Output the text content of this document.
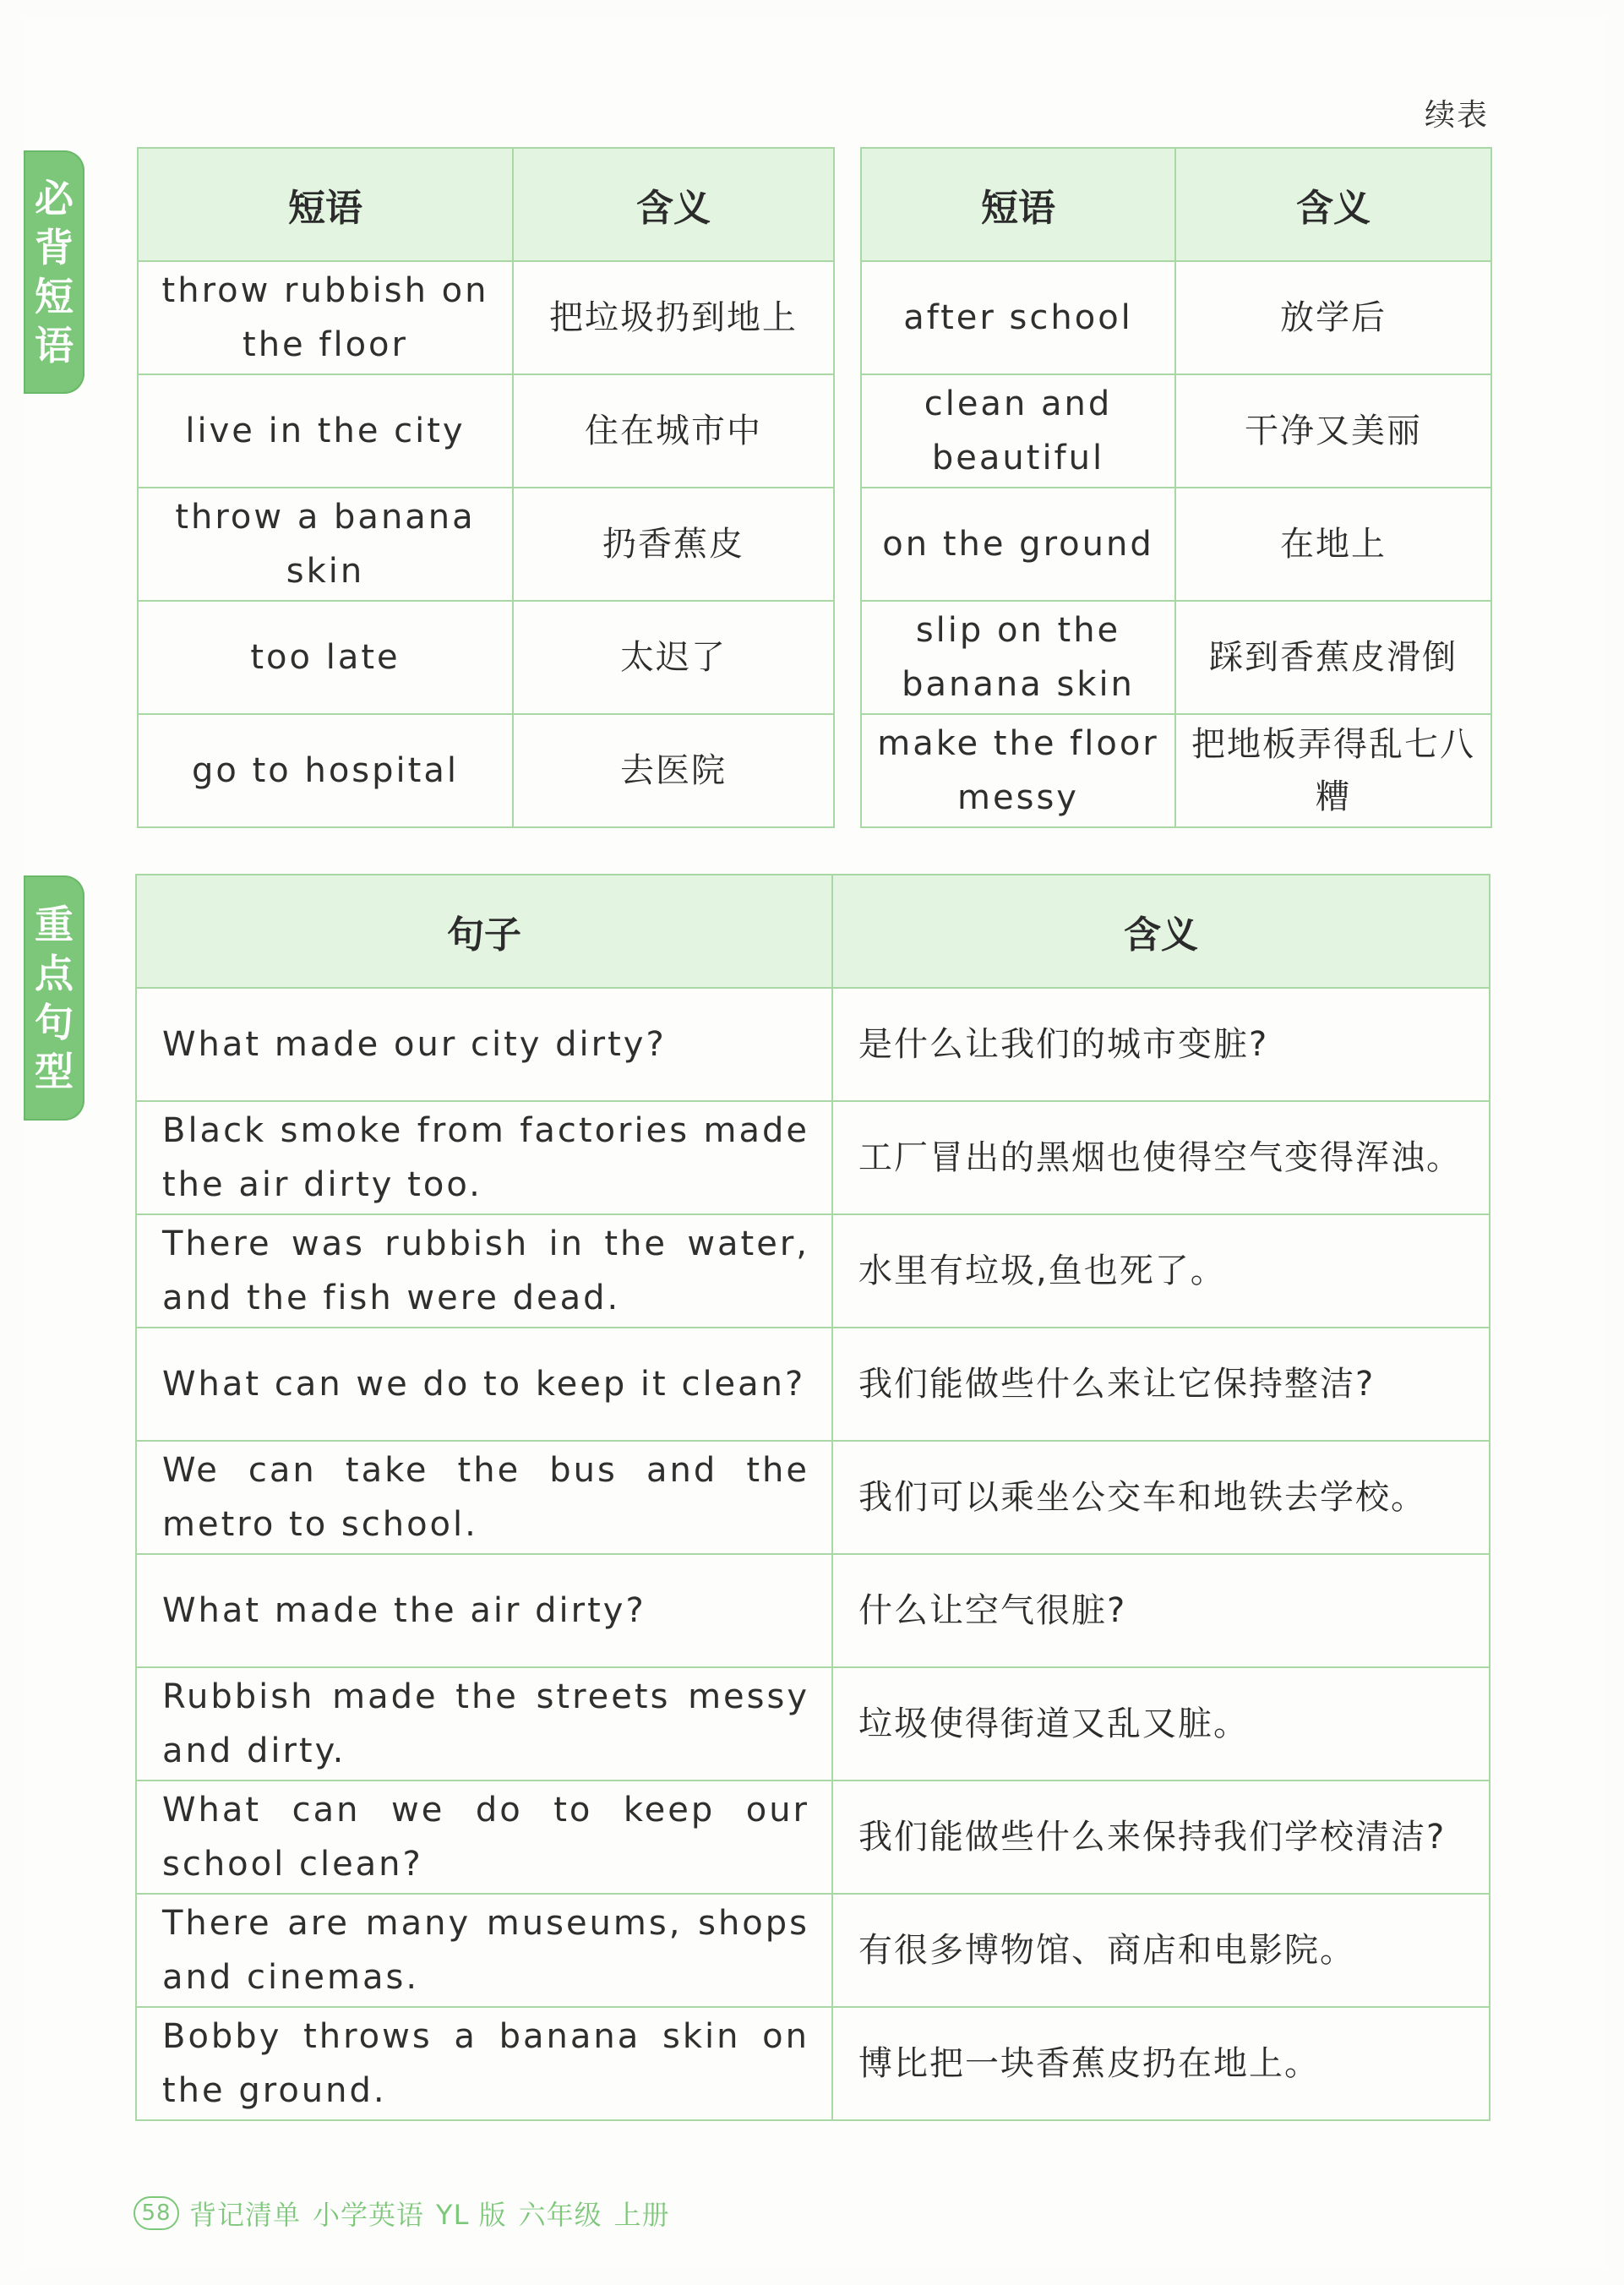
续表
必
背
短
语
重
点
句
型
短语	含义
throw rubbish on the floor	把垃圾扔到地上
live in the city	住在城市中
throw a banana skin	扔香蕉皮
too late	太迟了
go to hospital	去医院
短语	含义
after school	放学后
clean and beautiful	干净又美丽
on the ground	在地上
slip on the banana skin	踩到香蕉皮滑倒
make the floor messy	把地板弄得乱七八糟
句子	含义
What made our city dirty?	是什么让我们的城市变脏?
Black smoke from factories made the air dirty too.	工厂冒出的黑烟也使得空气变得浑浊。
There was rubbish in the water, and the fish were dead.	水里有垃圾,鱼也死了。
What can we do to keep it clean?	我们能做些什么来让它保持整洁?
We can take the bus and the metro to school.	我们可以乘坐公交车和地铁去学校。
What made the air dirty?	什么让空气很脏?
Rubbish made the streets messy and dirty.	垃圾使得街道又乱又脏。
What can we do to keep our school clean?	我们能做些什么来保持我们学校清洁?
There are many museums, shops and cinemas.	有很多博物馆、商店和电影院。
Bobby throws a banana skin on the ground.	博比把一块香蕉皮扔在地上。
58 背记清单 小学英语 YL 版 六年级 上册
